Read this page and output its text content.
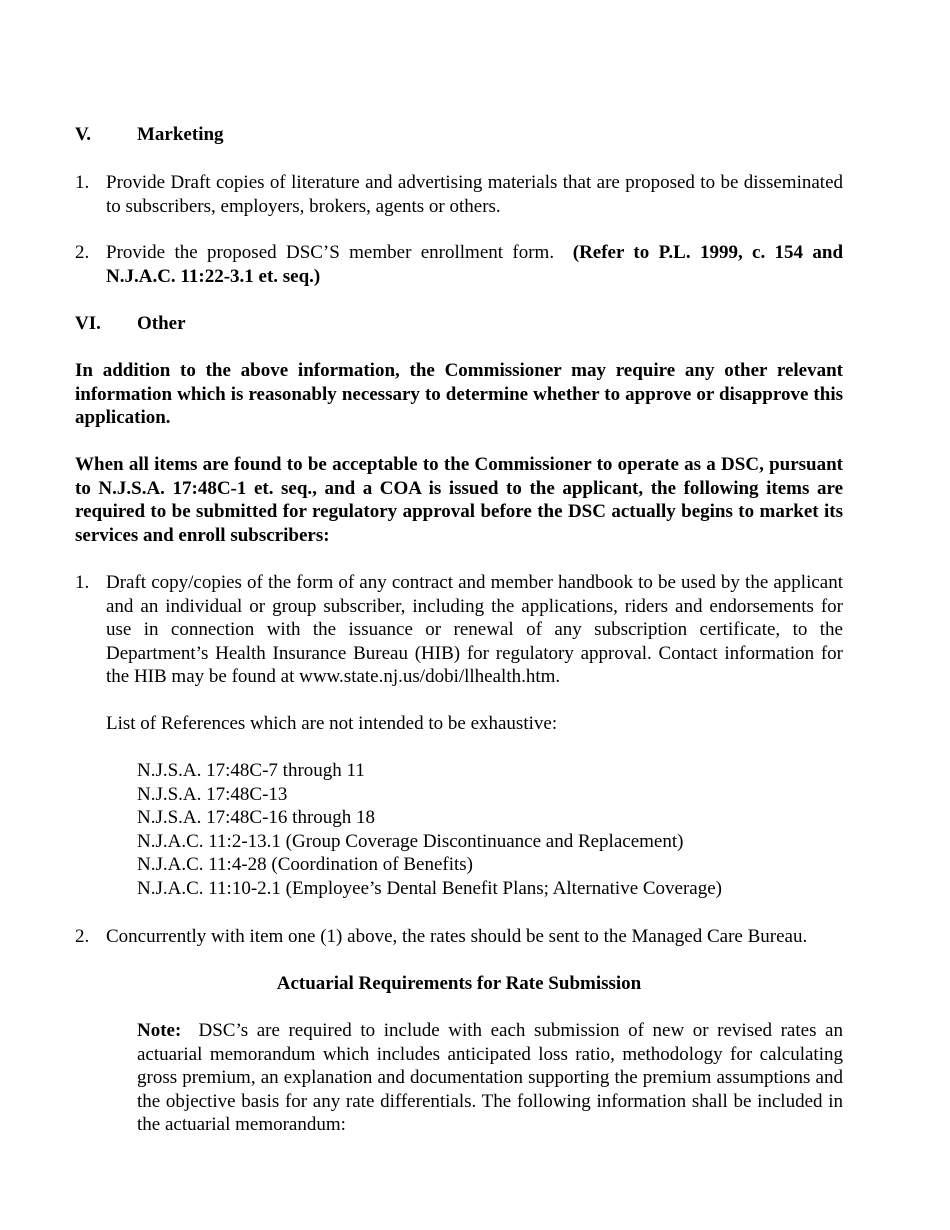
V. Marketing
1. Provide Draft copies of literature and advertising materials that are proposed to be disseminated to subscribers, employers, brokers, agents or others.
2. Provide the proposed DSC’S member enrollment form. (Refer to P.L. 1999, c. 154 and N.J.A.C. 11:22-3.1 et. seq.)
VI. Other
In addition to the above information, the Commissioner may require any other relevant information which is reasonably necessary to determine whether to approve or disapprove this application.
When all items are found to be acceptable to the Commissioner to operate as a DSC, pursuant to N.J.S.A. 17:48C-1 et. seq., and a COA is issued to the applicant, the following items are required to be submitted for regulatory approval before the DSC actually begins to market its services and enroll subscribers:
1. Draft copy/copies of the form of any contract and member handbook to be used by the applicant and an individual or group subscriber, including the applications, riders and endorsements for use in connection with the issuance or renewal of any subscription certificate, to the Department’s Health Insurance Bureau (HIB) for regulatory approval. Contact information for the HIB may be found at www.state.nj.us/dobi/llhealth.htm.
List of References which are not intended to be exhaustive:
N.J.S.A. 17:48C-7 through 11
N.J.S.A. 17:48C-13
N.J.S.A. 17:48C-16 through 18
N.J.A.C. 11:2-13.1 (Group Coverage Discontinuance and Replacement)
N.J.A.C. 11:4-28 (Coordination of Benefits)
N.J.A.C. 11:10-2.1 (Employee’s Dental Benefit Plans; Alternative Coverage)
2. Concurrently with item one (1) above, the rates should be sent to the Managed Care Bureau.
Actuarial Requirements for Rate Submission
Note: DSC’s are required to include with each submission of new or revised rates an actuarial memorandum which includes anticipated loss ratio, methodology for calculating gross premium, an explanation and documentation supporting the premium assumptions and the objective basis for any rate differentials. The following information shall be included in the actuarial memorandum:
